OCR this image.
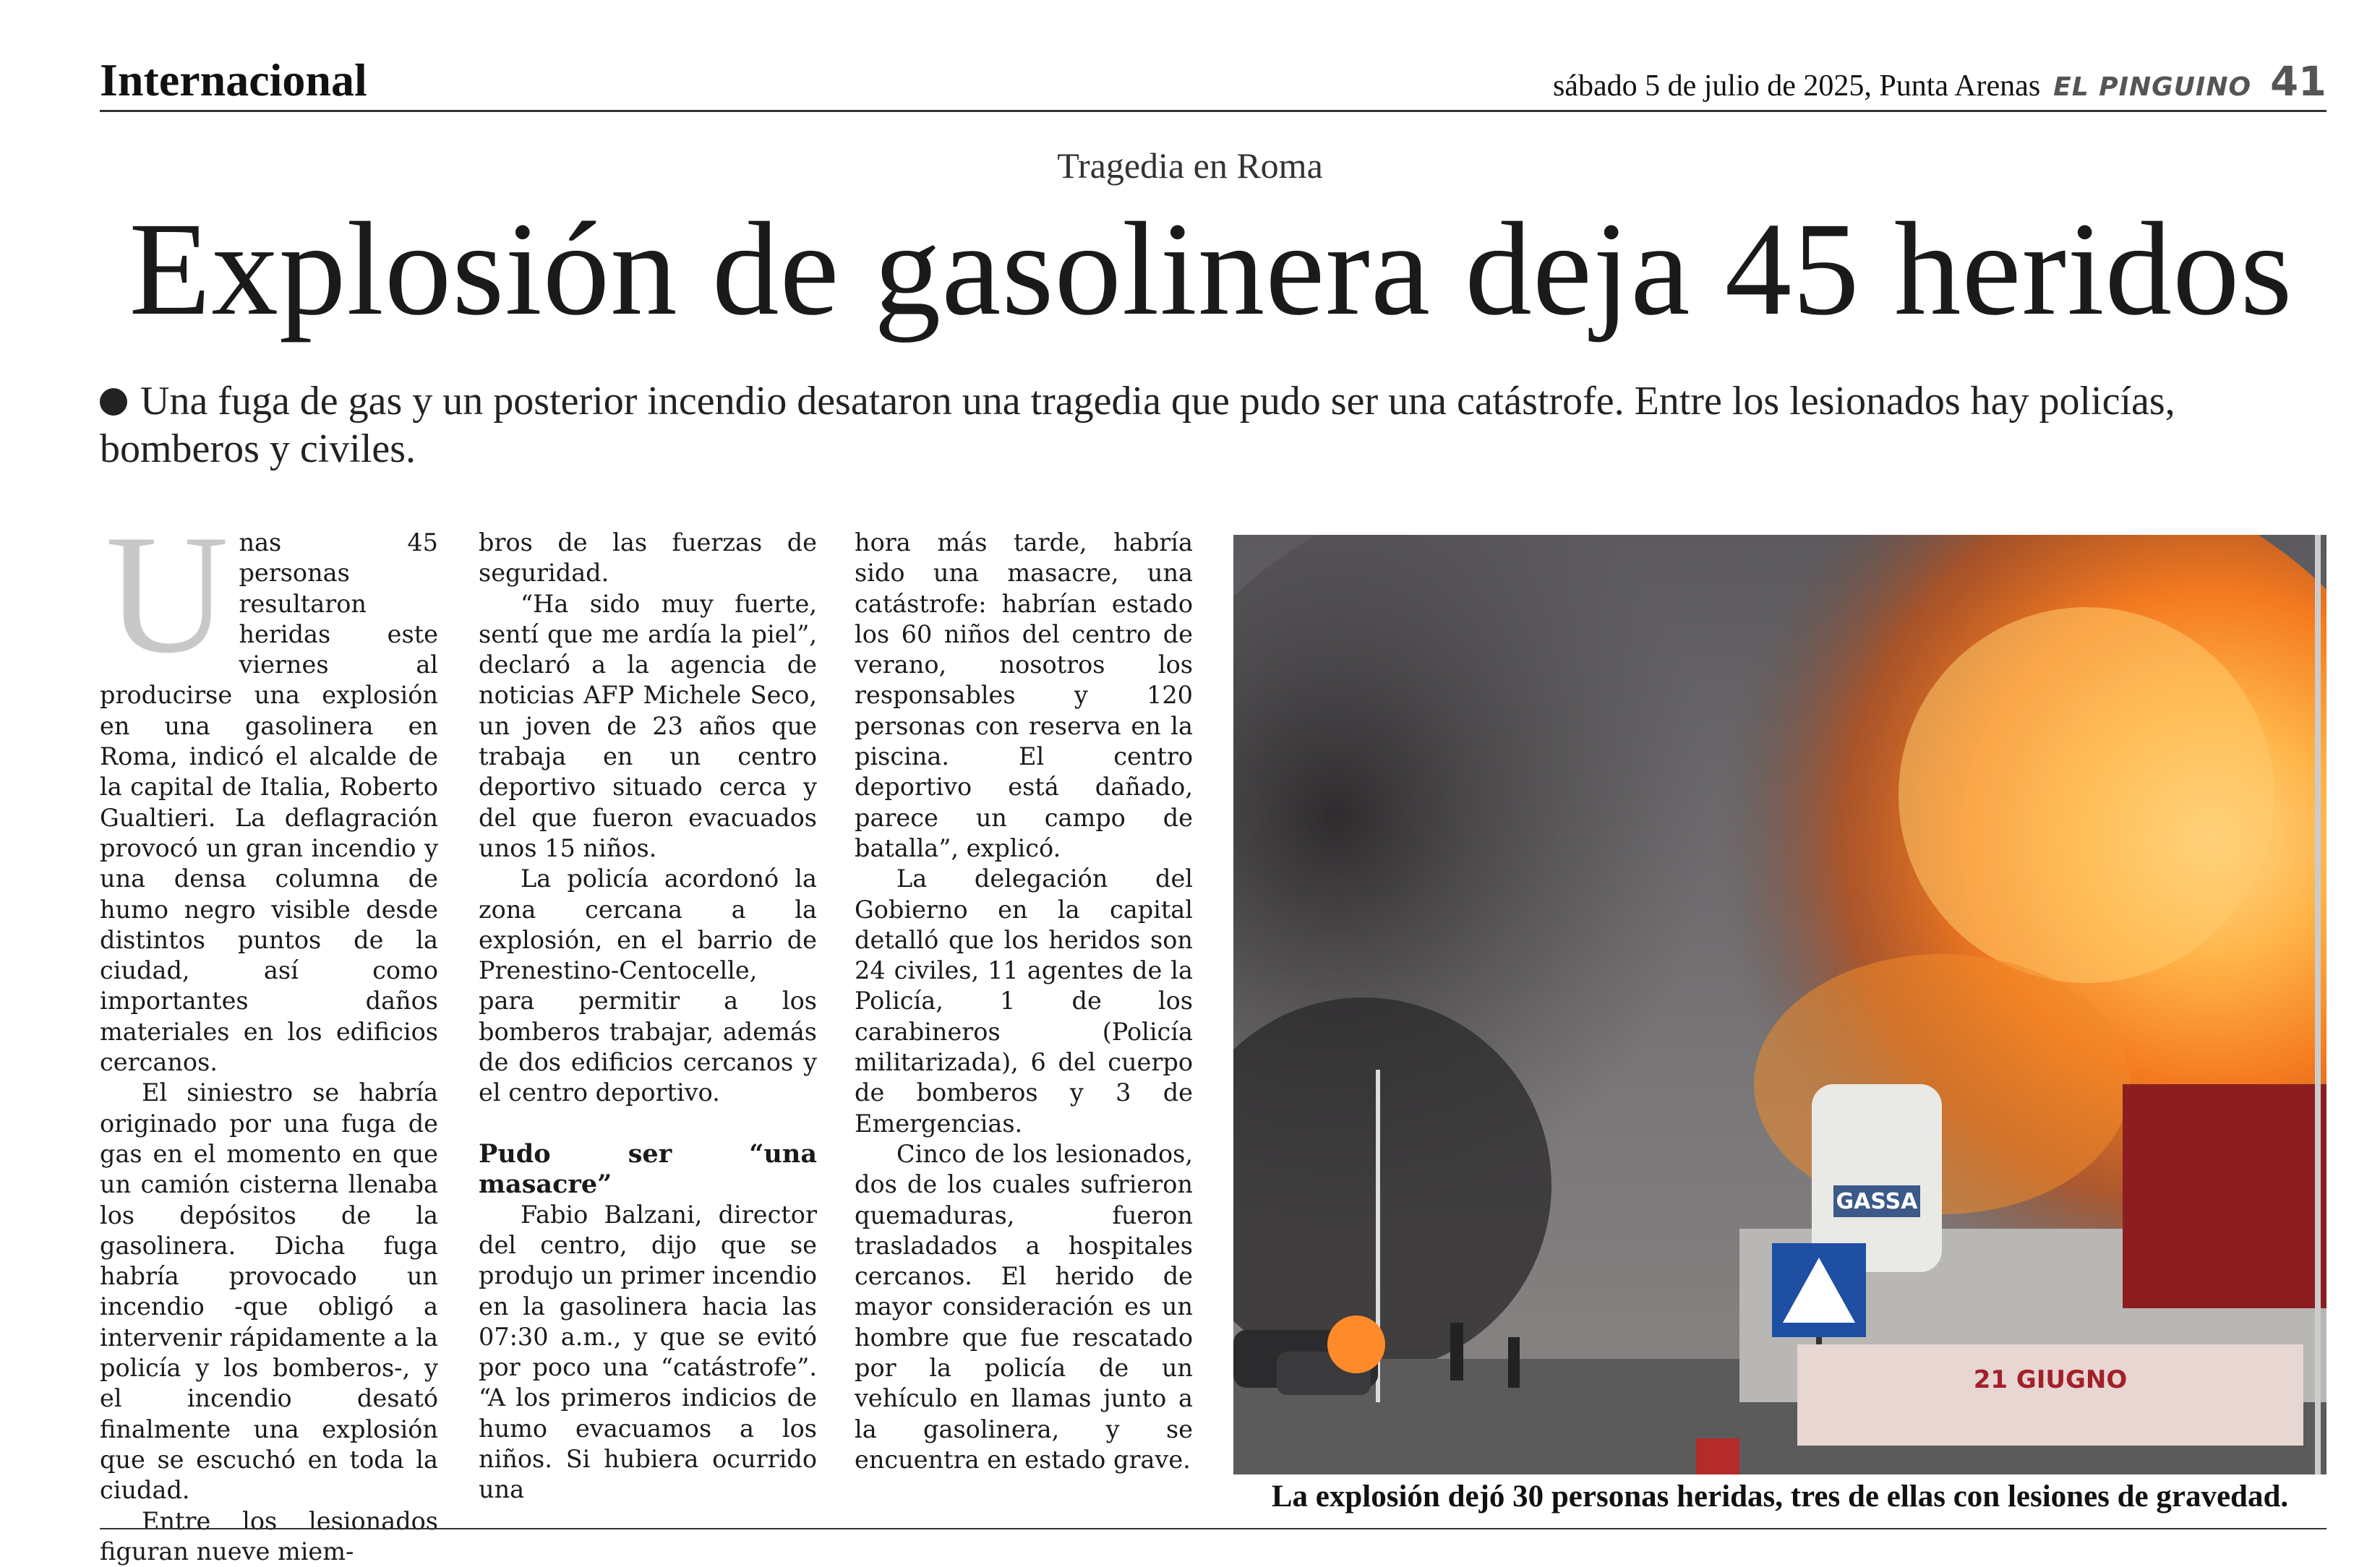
Internacional	sábado 5 de julio de 2025, Punta Arenas EL PINGUINO 41
Tragedia en Roma
Explosión de gasolinera deja 45 heridos
Una fuga de gas y un posterior incendio desataron una tragedia que pudo ser una catástrofe. Entre los lesionados hay policías, bomberos y civiles.

Unas 45 personas resultaron heridas este viernes al producirse una explosión en una gasolinera en Roma, indicó el alcalde de la capital de Italia, Roberto Gualtieri. La deflagración provocó un gran incendio y una densa columna de humo negro visible desde distintos puntos de la ciudad, así como importantes daños materiales en los edificios cercanos.

El siniestro se habría originado por una fuga de gas en el momento en que un camión cisterna llenaba los depósitos de la gasolinera. Dicha fuga habría provocado un incendio -que obligó a intervenir rápidamente a la policía y los bomberos-, y el incendio desató finalmente una explosión que se escuchó en toda la ciudad.

Entre los lesionados figuran nueve miem-

bros de las fuerzas de seguridad.

“Ha sido muy fuerte, sentí que me ardía la piel”, declaró a la agencia de noticias AFP Michele Seco, un joven de 23 años que trabaja en un centro deportivo situado cerca y del que fueron evacuados unos 15 niños.

La policía acordonó la zona cercana a la explosión, en el barrio de Prenestino-Centocelle, para permitir a los bomberos trabajar, además de dos edificios cercanos y el centro deportivo.

Pudo ser “una masacre”

Fabio Balzani, director del centro, dijo que se produjo un primer incendio en la gasolinera hacia las 07:30 a.m., y que se evitó por poco una “catástrofe”. “A los primeros indicios de humo evacuamos a los niños. Si hubiera ocurrido una

hora más tarde, habría sido una masacre, una catástrofe: habrían estado los 60 niños del centro de verano, nosotros los responsables y 120 personas con reserva en la piscina. El centro deportivo está dañado, parece un campo de batalla”, explicó.

La delegación del Gobierno en la capital detalló que los heridos son 24 civiles, 11 agentes de la Policía, 1 de los carabineros (Policía militarizada), 6 del cuerpo de bomberos y 3 de Emergencias.

Cinco de los lesionados, dos de los cuales sufrieron quemaduras, fueron trasladados a hospitales cercanos. El herido de mayor consideración es un hombre que fue rescatado por la policía de un vehículo en llamas junto a la gasolinera, y se encuentra en estado grave.

GASSA
21 GIUGNO
La explosión dejó 30 personas heridas, tres de ellas con lesiones de gravedad.
